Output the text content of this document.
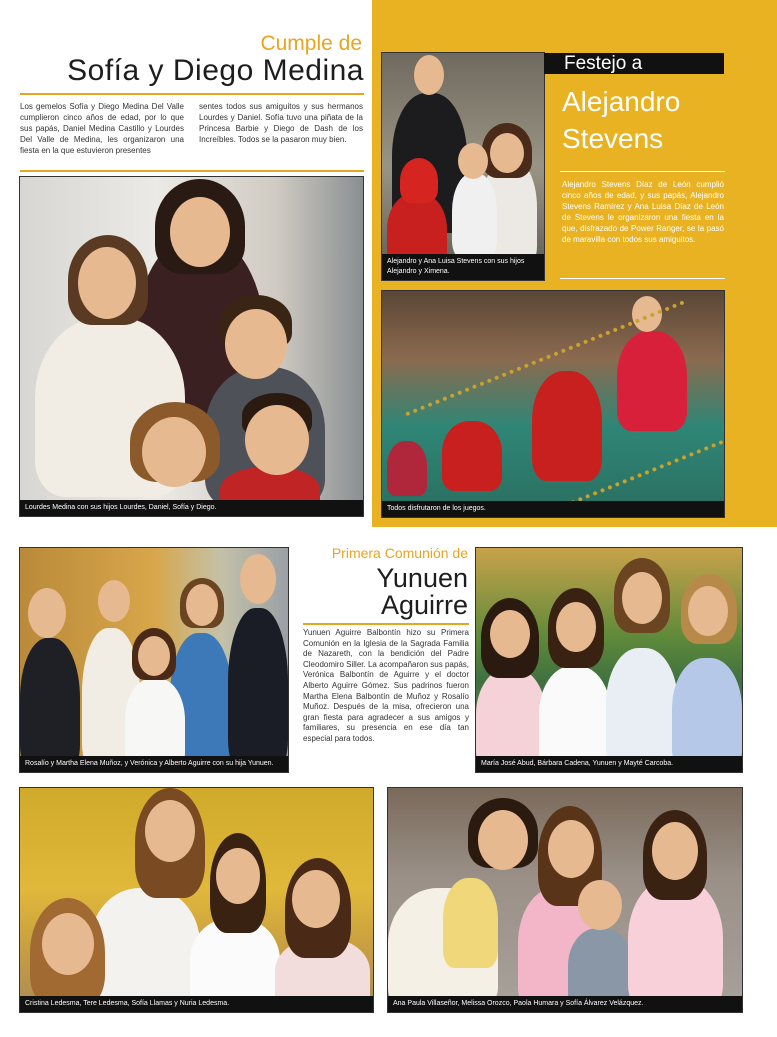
Cumple de
Sofía y Diego Medina
Los gemelos Sofía y Diego Medina Del Valle cumplieron cinco años de edad, por lo que sus papás, Daniel Medina Castillo y Lourdes Del Valle de Medina, les organizaron una fiesta en la que estuvieron presentes
sentes todos sus amiguitos y sus hermanos Lourdes y Daniel. Sofía tuvo una piñata de la Princesa Barbie y Diego de Dash de los Increíbles. Todos se la pasaron muy bien.
Lourdes Medina con sus hijos Lourdes, Daniel, Sofía y Diego.
Alejandro y Ana Luisa Stevens con sus hijos Alejandro y Ximena.
Festejo a
Alejandro
Stevens
Alejandro Stevens Díaz de León cumplió cinco años de edad, y sus papás, Alejandro Stevens Ramírez y Ana Luisa Díaz de León de Stevens le organizaron una fiesta en la que, disfrazado de Power Ranger, se la pasó de maravilla con todos sus amiguitos.
Todos disfrutaron de los juegos.
Rosalío y Martha Elena Muñoz, y Verónica y Alberto Aguirre con su hija Yunuen.
Primera Comunión de
Yunuen
Aguirre
Yunuen Aguirre Balbontín hizo su Primera Comunión en la Iglesia de la Sagrada Familia de Nazareth, con la bendición del Padre Cleodomiro Siller. La acompañaron sus papás, Verónica Balbontín de Aguirre y el doctor Alberto Aguirre Gómez. Sus padrinos fueron Martha Elena Balbontín de Muñoz y Rosalío Muñoz. Después de la misa, ofrecieron una gran fiesta para agradecer a sus amigos y familiares, su presencia en ese día tan especial para todos.
María José Abud, Bárbara Cadena, Yunuen y Mayté Carcoba.
Cristina Ledesma, Tere Ledesma, Sofía Llamas y Nuria Ledesma.	Ana Paula Villaseñor, Melissa Orozco, Paola Humara y Sofía Álvarez Velázquez.
